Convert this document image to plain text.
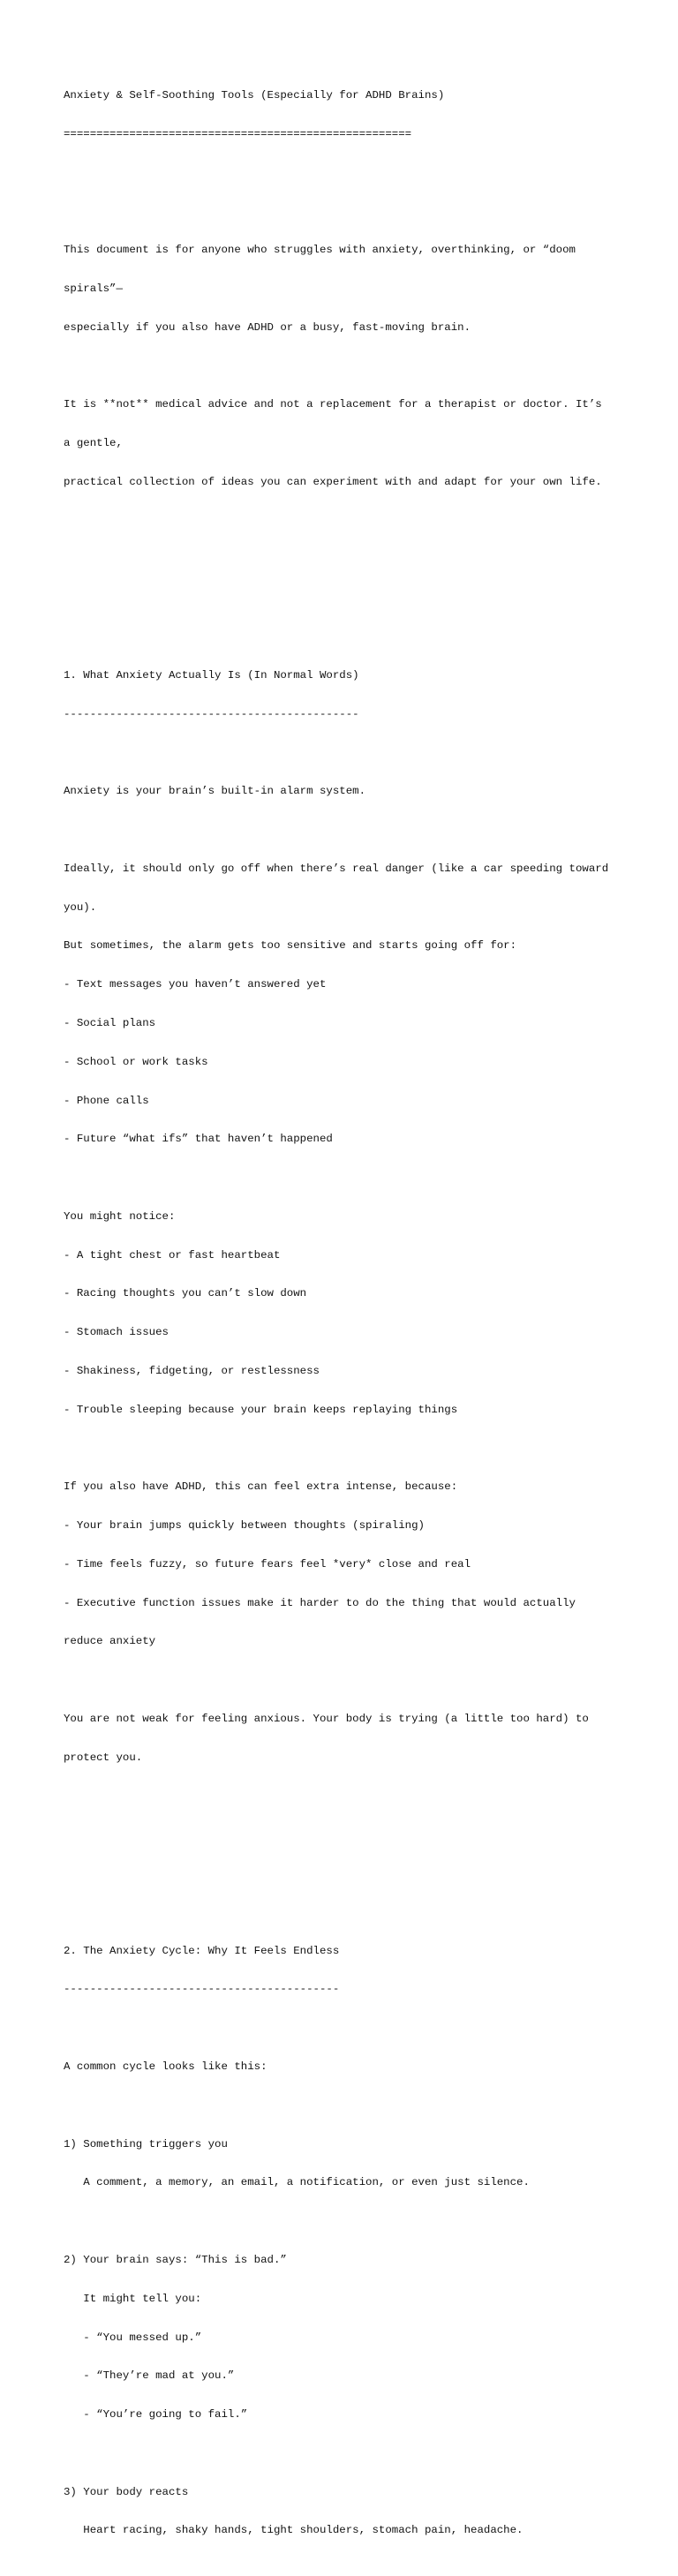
Anxiety & Self-Soothing Tools (Especially for ADHD Brains)

=====================================================

This document is for anyone who struggles with anxiety, overthinking, or “doom

spirals”—

especially if you also have ADHD or a busy, fast-moving brain.

It is **not** medical advice and not a replacement for a therapist or doctor. It’s

a gentle,

practical collection of ideas you can experiment with and adapt for your own life.

1. What Anxiety Actually Is (In Normal Words)

---------------------------------------------

Anxiety is your brain’s built-in alarm system.

Ideally, it should only go off when there’s real danger (like a car speeding toward

you).

But sometimes, the alarm gets too sensitive and starts going off for:

- Text messages you haven’t answered yet

- Social plans

- School or work tasks

- Phone calls

- Future “what ifs” that haven’t happened

You might notice:

- A tight chest or fast heartbeat

- Racing thoughts you can’t slow down

- Stomach issues

- Shakiness, fidgeting, or restlessness

- Trouble sleeping because your brain keeps replaying things

If you also have ADHD, this can feel extra intense, because:

- Your brain jumps quickly between thoughts (spiraling)

- Time feels fuzzy, so future fears feel *very* close and real

- Executive function issues make it harder to do the thing that would actually

reduce anxiety

You are not weak for feeling anxious. Your body is trying (a little too hard) to

protect you.

2. The Anxiety Cycle: Why It Feels Endless

------------------------------------------

A common cycle looks like this:

1) Something triggers you

A comment, a memory, an email, a notification, or even just silence.

2) Your brain says: “This is bad.”

It might tell you:

- “You messed up.”

- “They’re mad at you.”

- “You’re going to fail.”

3) Your body reacts

Heart racing, shaky hands, tight shoulders, stomach pain, headache.
